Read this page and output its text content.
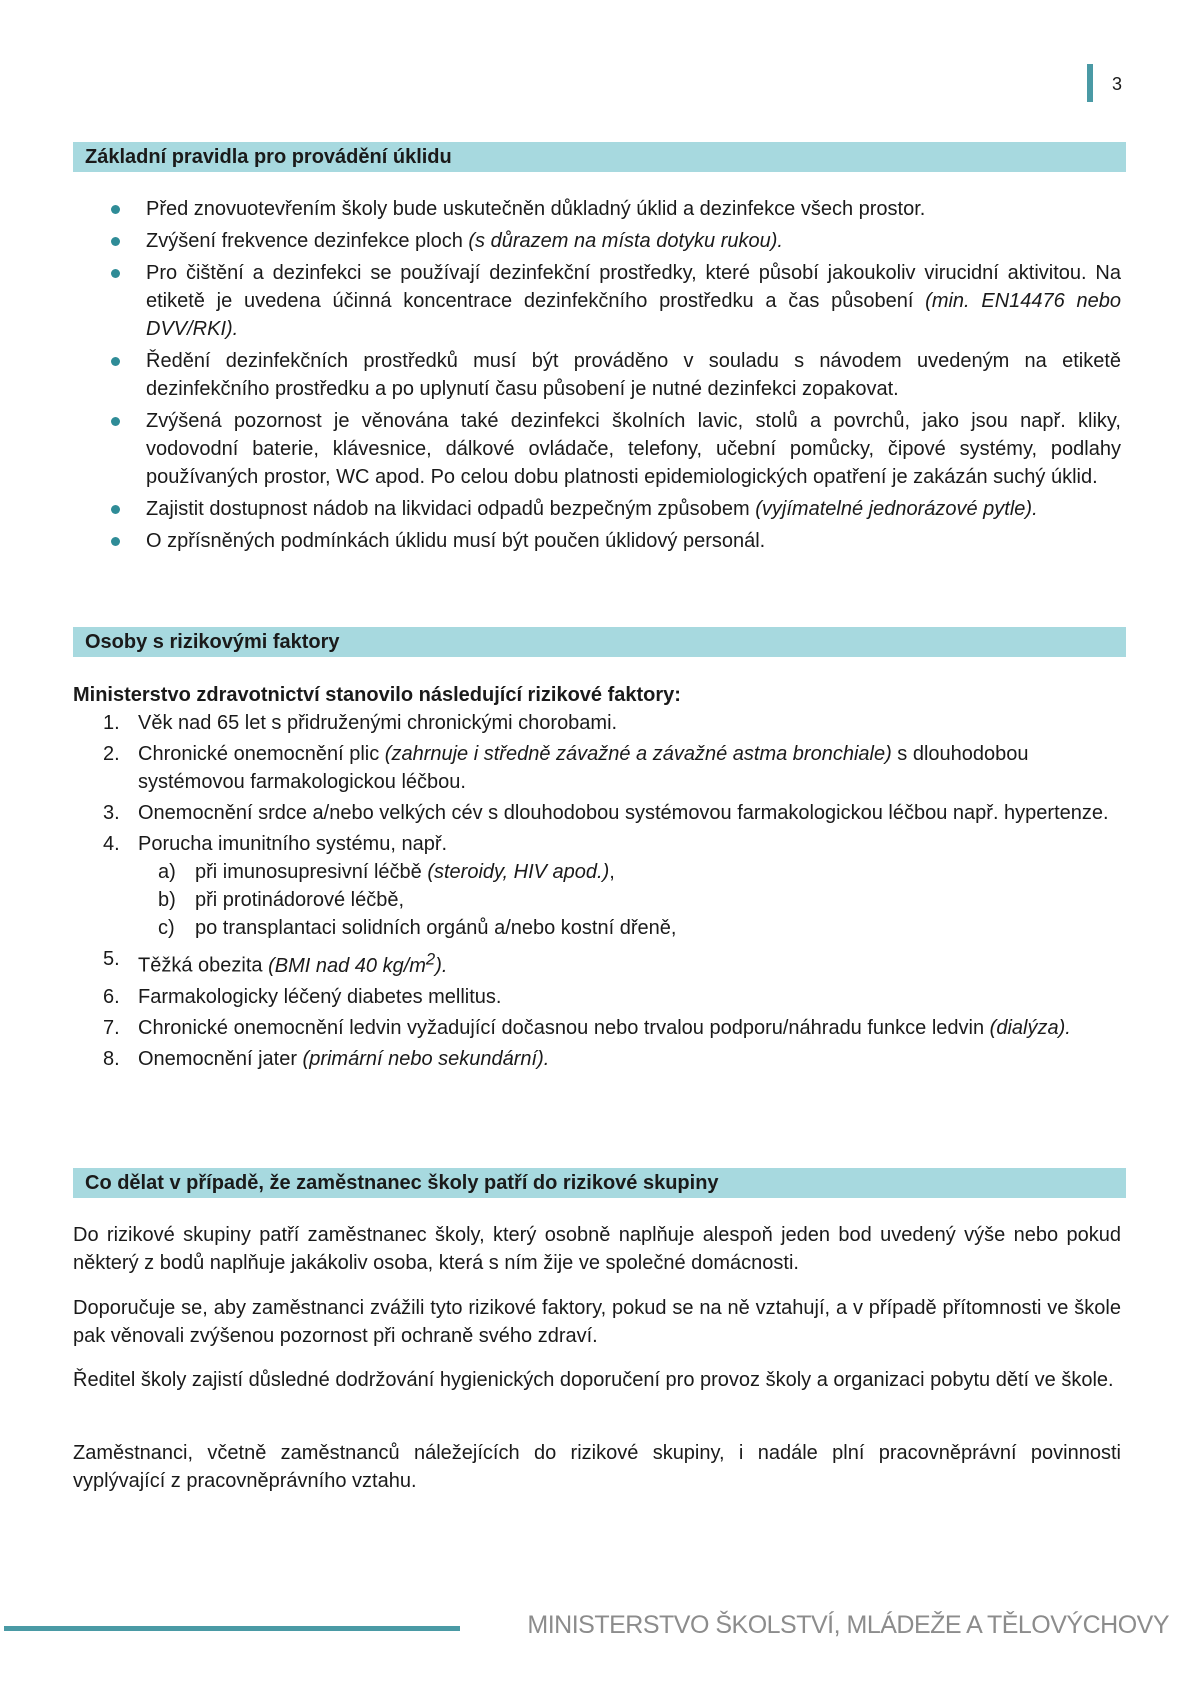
3
Základní pravidla pro provádění úklidu
Před znovuotevřením školy bude uskutečněn důkladný úklid a dezinfekce všech prostor.
Zvýšení frekvence dezinfekce ploch (s důrazem na místa dotyku rukou).
Pro čištění a dezinfekci se používají dezinfekční prostředky, které působí jakoukoliv virucidní aktivitou. Na etiketě je uvedena účinná koncentrace dezinfekčního prostředku a čas působení (min. EN14476 nebo DVV/RKI).
Ředění dezinfekčních prostředků musí být prováděno v souladu s návodem uvedeným na etiketě dezinfekčního prostředku a po uplynutí času působení je nutné dezinfekci zopakovat.
Zvýšená pozornost je věnována také dezinfekci školních lavic, stolů a povrchů, jako jsou např. kliky, vodovodní baterie, klávesnice, dálkové ovládače, telefony, učební pomůcky, čipové systémy, podlahy používaných prostor, WC apod. Po celou dobu platnosti epidemiologických opatření je zakázán suchý úklid.
Zajistit dostupnost nádob na likvidaci odpadů bezpečným způsobem (vyjímatelné jednorázové pytle).
O zpřísněných podmínkách úklidu musí být poučen úklidový personál.
Osoby s rizikovými faktory
Ministerstvo zdravotnictví stanovilo následující rizikové faktory:
1. Věk nad 65 let s přidruženými chronickými chorobami.
2. Chronické onemocnění plic (zahrnuje i středně závažné a závažné astma bronchiale) s dlouhodobou systémovou farmakologickou léčbou.
3. Onemocnění srdce a/nebo velkých cév s dlouhodobou systémovou farmakologickou léčbou např. hypertenze.
4. Porucha imunitního systému, např.
a) při imunosupresivní léčbě (steroidy, HIV apod.),
b) při protinádorové léčbě,
c) po transplantaci solidních orgánů a/nebo kostní dřeně,
5. Těžká obezita (BMI nad 40 $kg/m^2$).
6. Farmakologicky léčený diabetes mellitus.
7. Chronické onemocnění ledvin vyžadující dočasnou nebo trvalou podporu/náhradu funkce ledvin (dialýza).
8. Onemocnění jater (primární nebo sekundární).
Co dělat v případě, že zaměstnanec školy patří do rizikové skupiny

Do rizikové skupiny patří zaměstnanec školy, který osobně naplňuje alespoň jeden bod uvedený výše nebo pokud některý z bodů naplňuje jakákoliv osoba, která s ním žije ve společné domácnosti.

Doporučuje se, aby zaměstnanci zvážili tyto rizikové faktory, pokud se na ně vztahují, a v případě přítomnosti ve škole pak věnovali zvýšenou pozornost při ochraně svého zdraví.

Ředitel školy zajistí důsledné dodržování hygienických doporučení pro provoz školy a organizaci pobytu dětí ve škole.

Zaměstnanci, včetně zaměstnanců náležejících do rizikové skupiny, i nadále plní pracovněprávní povinnosti vyplývající z pracovněprávního vztahu.

MINISTERSTVO ŠKOLSTVÍ, MLÁDEŽE A TĚLOVÝCHOVY
